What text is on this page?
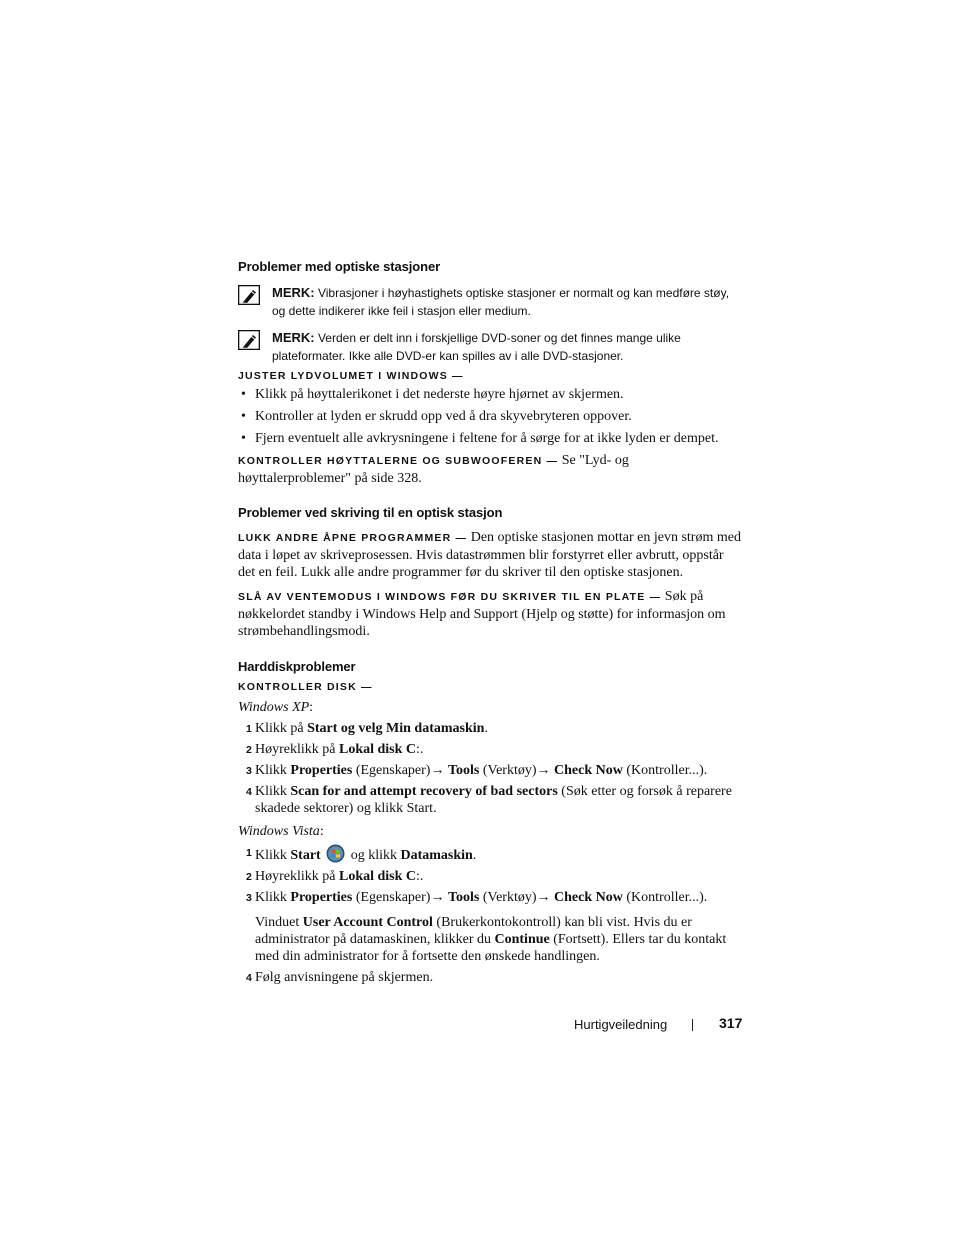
Problemer med optiske stasjoner
MERK: Vibrasjoner i høyhastighets optiske stasjoner er normalt og kan medføre støy, og dette indikerer ikke feil i stasjon eller medium.
MERK: Verden er delt inn i forskjellige DVD-soner og det finnes mange ulike plateformater. Ikke alle DVD-er kan spilles av i alle DVD-stasjoner.
JUSTER LYDVOLUMET I WINDOWS —
• Klikk på høyttalerikonet i det nederste høyre hjørnet av skjermen.
• Kontroller at lyden er skrudd opp ved å dra skyvebryteren oppover.
• Fjern eventuelt alle avkrysningene i feltene for å sørge for at ikke lyden er dempet.
KONTROLLER HØYTTALERNE OG SUBWOOFEREN — Se "Lyd- og høyttalerproblemer" på side 328.
Problemer ved skriving til en optisk stasjon
LUKK ANDRE ÅPNE PROGRAMMER — Den optiske stasjonen mottar en jevn strøm med data i løpet av skriveprosessen. Hvis datastrømmen blir forstyrret eller avbrutt, oppstår det en feil. Lukk alle andre programmer før du skriver til den optiske stasjonen.
SLÅ AV VENTEMODUS I WINDOWS FØR DU SKRIVER TIL EN PLATE — Søk på nøkkelordet standby i Windows Help and Support (Hjelp og støtte) for informasjon om strømbehandlingsmodi.
Harddiskproblemer
KONTROLLER DISK —
Windows XP:
1 Klikk på Start og velg Min datamaskin.
2 Høyreklikk på Lokal disk C:.
3 Klikk Properties (Egenskaper)→ Tools (Verktøy)→ Check Now (Kontroller...).
4 Klikk Scan for and attempt recovery of bad sectors (Søk etter og forsøk å reparere skadede sektorer) og klikk Start.
Windows Vista:
1 Klikk Start  og klikk Datamaskin.
2 Høyreklikk på Lokal disk C:.
3 Klikk Properties (Egenskaper)→ Tools (Verktøy)→ Check Now (Kontroller...).
Vinduet User Account Control (Brukerkontokontroll) kan bli vist. Hvis du er administrator på datamaskinen, klikker du Continue (Fortsett). Ellers tar du kontakt med din administrator for å fortsette den ønskede handlingen.
4 Følg anvisningene på skjermen.
Hurtigveiledning	317
